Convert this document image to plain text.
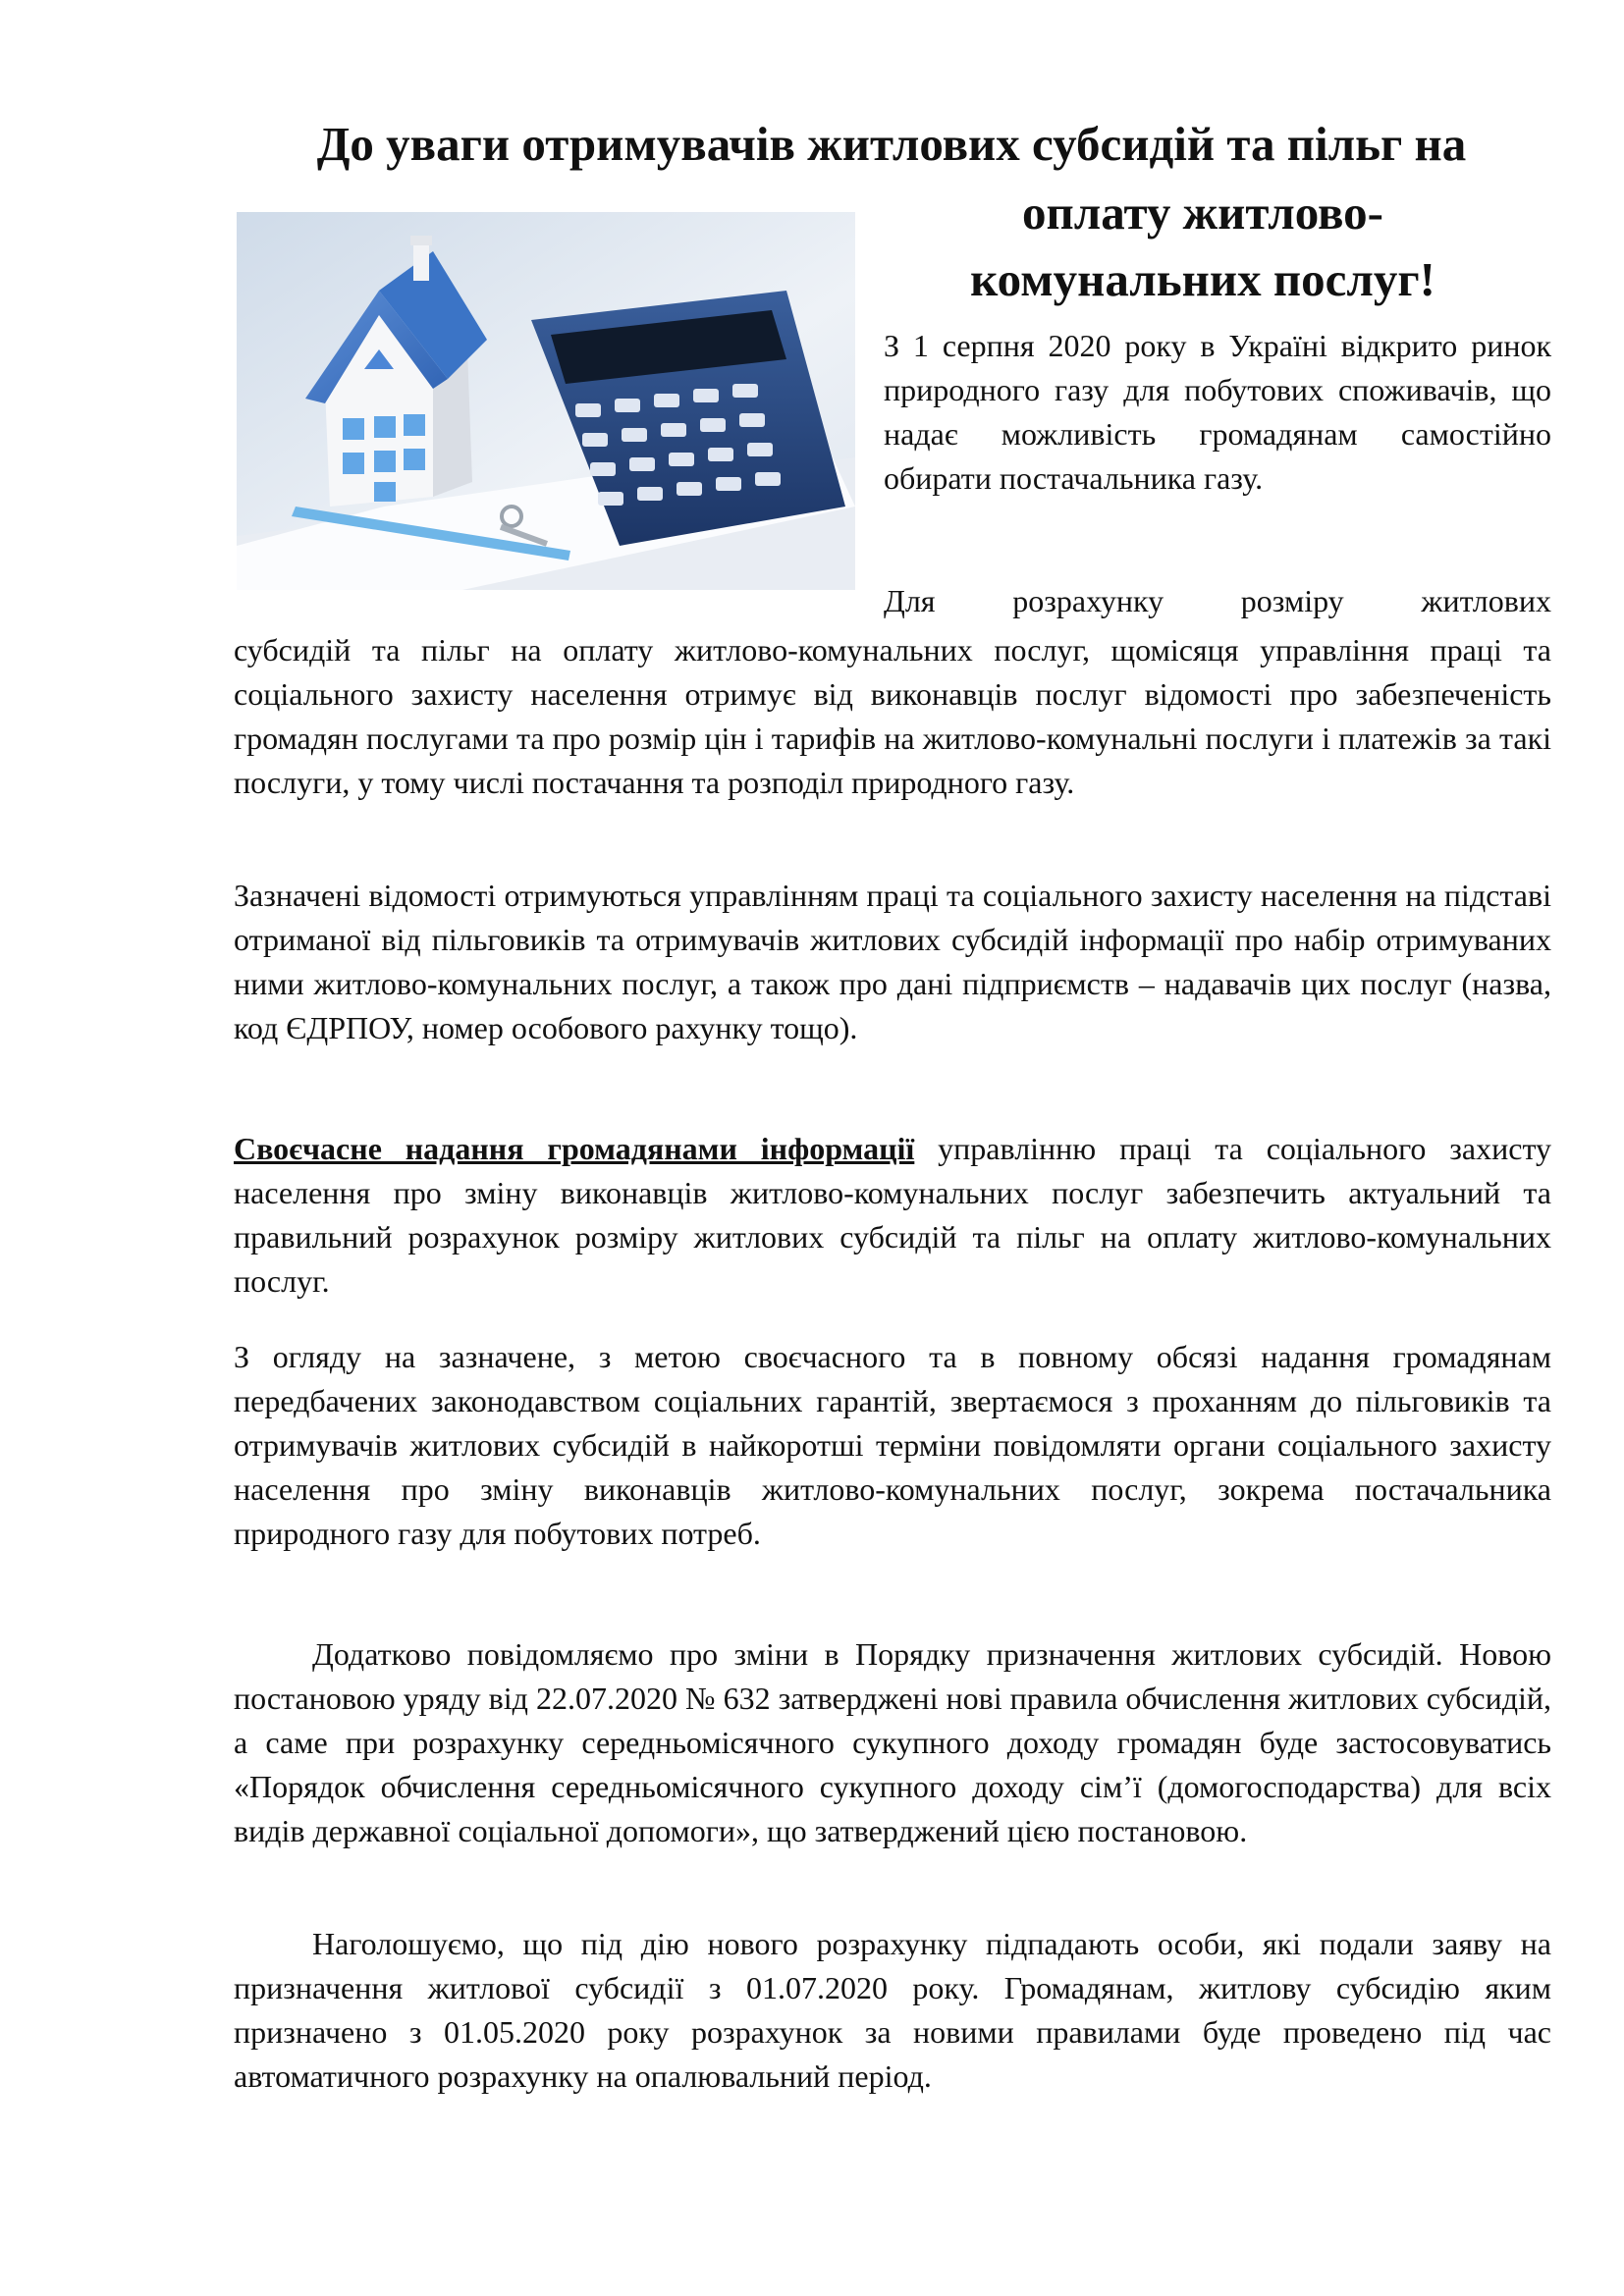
До уваги отримувачів житлових субсидій та пільг на
оплату житлово-
комунальних послуг!
З 1 серпня 2020 року в Україні відкрито ринок природного газу для побутових споживачів, що надає можливість громадянам самостійно обирати постачальника газу.
Для розрахунку розміру житлових

субсидій та пільг на оплату житлово-комунальних послуг, щомісяця управління праці та соціального захисту населення отримує від виконавців послуг відомості про забезпеченість громадян послугами та про розмір цін і тарифів на житлово-комунальні послуги і платежів за такі послуги, у тому числі постачання та розподіл природного газу.

Зазначені відомості отримуються управлінням праці та соціального захисту населення на підставі отриманої від пільговиків та отримувачів житлових субсидій інформації про набір отримуваних ними житлово-комунальних послуг, а також про дані підприємств – надавачів цих послуг (назва, код ЄДРПОУ, номер особового рахунку тощо).

Своєчасне надання громадянами інформації управлінню праці та соціального захисту населення про зміну виконавців житлово-комунальних послуг забезпечить актуальний та правильний розрахунок розміру житлових субсидій та пільг на оплату житлово-комунальних послуг.

З огляду на зазначене, з метою своєчасного та в повному обсязі надання громадянам передбачених законодавством соціальних гарантій, звертаємося з проханням до пільговиків та отримувачів житлових субсидій в найкоротші терміни повідомляти органи соціального захисту населення про зміну виконавців житлово-комунальних послуг, зокрема постачальника природного газу для побутових потреб.

Додатково повідомляємо про зміни в Порядку призначення житлових субсидій. Новою постановою уряду від 22.07.2020 № 632 затверджені нові правила обчислення житлових субсидій, а саме при розрахунку середньомісячного сукупного доходу громадян буде застосовуватись «Порядок обчислення середньомісячного сукупного доходу сім’ї (домогосподарства) для всіх видів державної соціальної допомоги», що затверджений цією постановою.

Наголошуємо, що під дію нового розрахунку підпадають особи, які подали заяву на призначення житлової субсидії з 01.07.2020 року. Громадянам, житлову субсидію яким призначено з 01.05.2020 року розрахунок за новими правилами буде проведено під час автоматичного розрахунку на опалювальний період.
